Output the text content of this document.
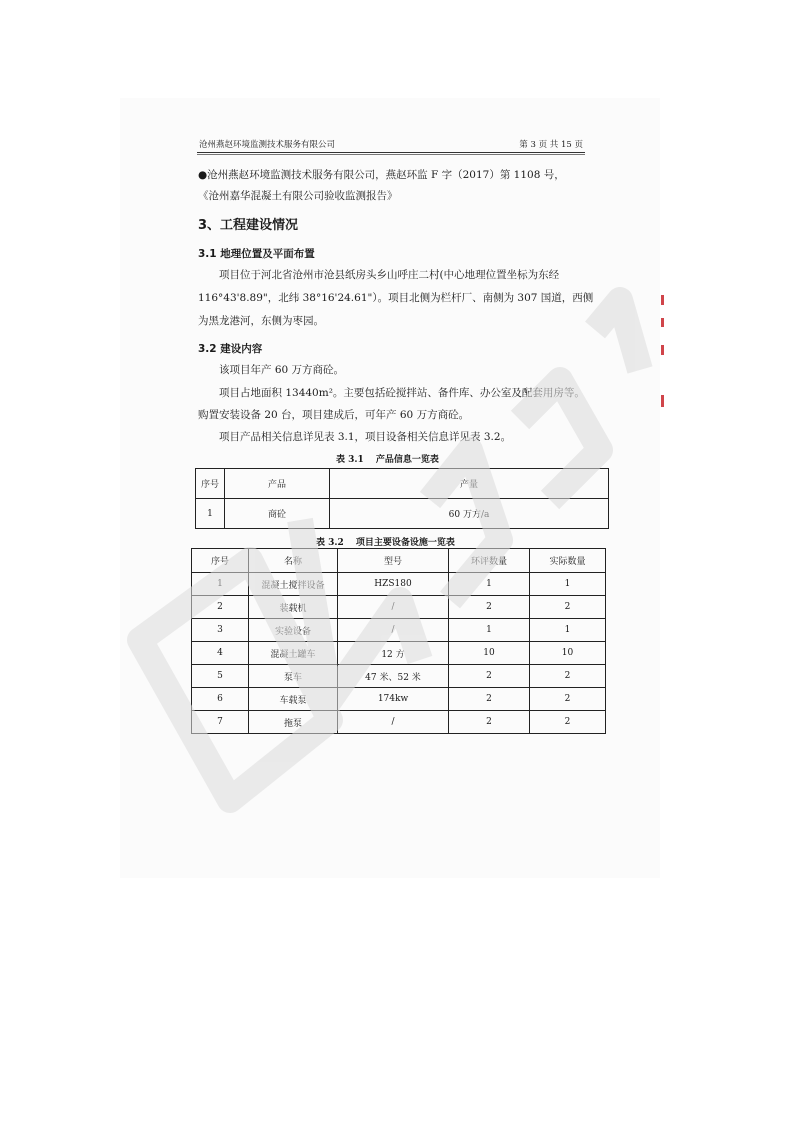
沧州燕赵环境监测技术服务有限公司	第 3 页 共 15 页
●沧州燕赵环境监测技术服务有限公司，燕赵环监 F 字（2017）第 1108 号，
《沧州嘉华混凝土有限公司验收监测报告》
3、工程建设情况
3.1 地理位置及平面布置
项目位于河北省沧州市沧县纸房头乡山呼庄二村(中心地理位置坐标为东经
116°43'8.89"，北纬 38°16'24.61"）。项目北侧为栏杆厂、南侧为 307 国道，西侧
为黑龙港河，东侧为枣园。
3.2 建设内容
该项目年产 60 万方商砼。
项目占地面积 13440m²。主要包括砼搅拌站、备件库、办公室及配套用房等。
购置安装设备 20 台，项目建成后，可年产 60 万方商砼。
项目产品相关信息详见表 3.1，项目设备相关信息详见表 3.2。
表 3.1　 产品信息一览表
序号	产品	产量
1	商砼	60 万方/a
表 3.2　 项目主要设备设施一览表
序号	名称	型号	环评数量	实际数量
1	混凝土搅拌设备	HZS180	1	1
2	装载机	/	2	2
3	实验设备	/	1	1
4	混凝土罐车	12 方	10	10
5	泵车	47 米、52 米	2	2
6	车载泵	174kw	2	2
7	拖泵	/	2	2
